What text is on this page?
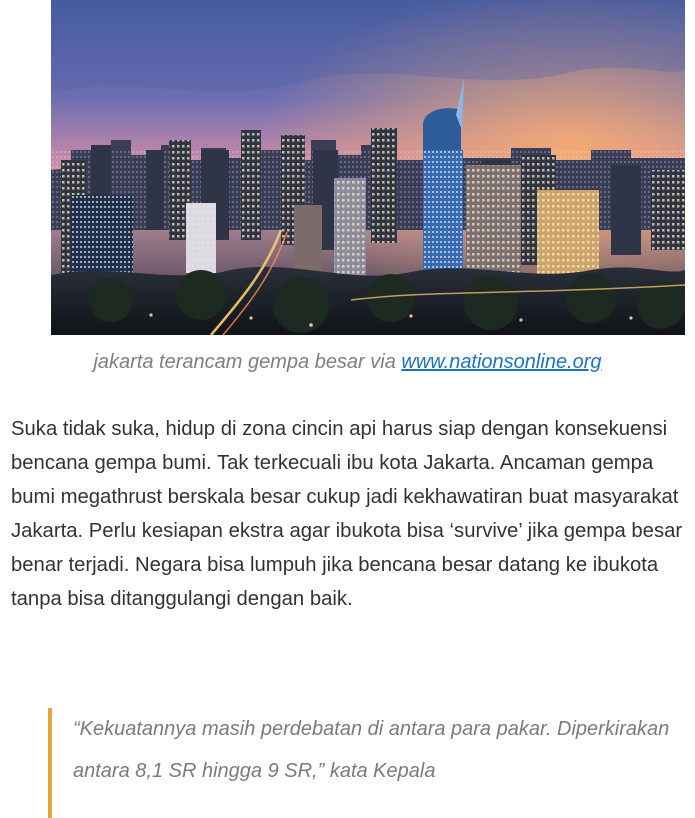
jakarta terancam gempa besar via www.nationsonline.org

Suka tidak suka, hidup di zona cincin api harus siap dengan konsekuensi bencana gempa bumi. Tak terkecuali ibu kota Jakarta. Ancaman gempa bumi megathrust berskala besar cukup jadi kekhawatiran buat masyarakat Jakarta. Perlu kesiapan ekstra agar ibukota bisa ‘survive’ jika gempa besar benar terjadi. Negara bisa lumpuh jika bencana besar datang ke ibukota tanpa bisa ditanggulangi dengan baik.

“Kekuatannya masih perdebatan di antara para pakar. Diperkirakan antara 8,1 SR hingga 9 SR,” kata Kepala
